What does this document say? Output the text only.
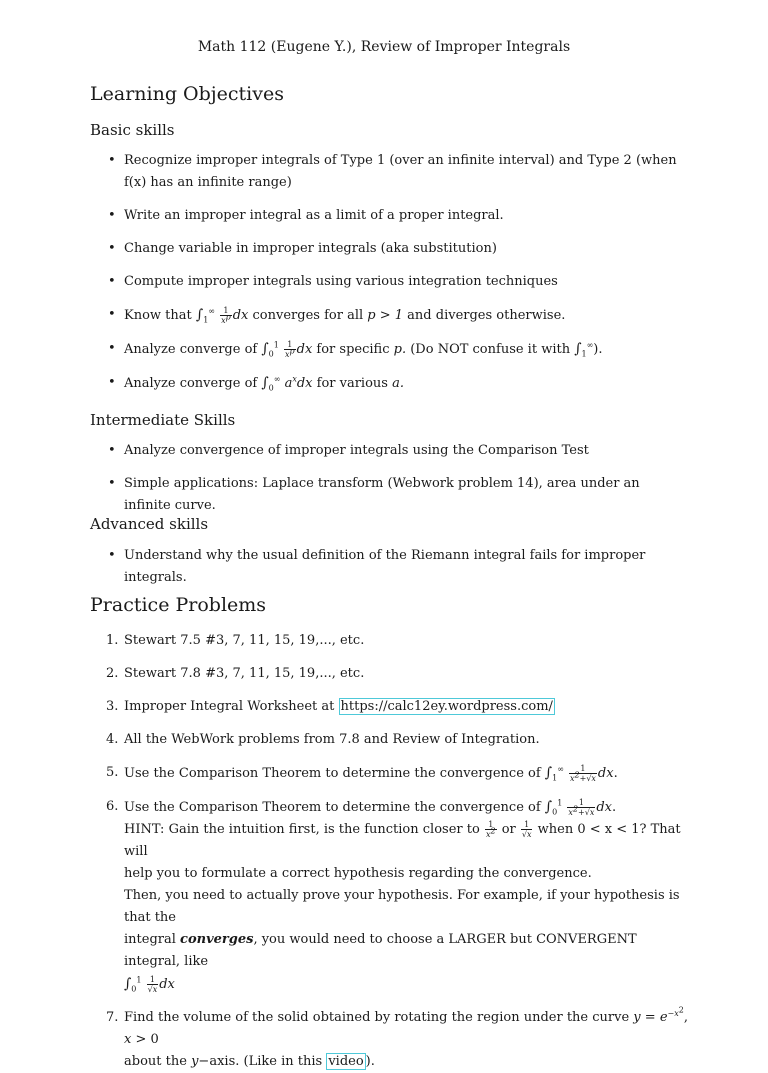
Math 112 (Eugene Y.), Review of Improper Integrals
Learning Objectives
Basic skills
• Recognize improper integrals of Type 1 (over an infinite interval) and Type 2 (when f(x) has an infinite range)
• Write an improper integral as a limit of a proper integral.
• Change variable in improper integrals (aka substitution)
• Compute improper integrals using various integration techniques
• Know that $\int_1^\infty \frac{1}{x^p}$ dx converges for all p > 1 and diverges otherwise.
• Analyze converge of $\int_0^1 \frac{1}{x^p}$ dx for specific p. (Do NOT confuse it with $\int_1^\infty$).
• Analyze converge of $\int_0^\infty$ $a^xdx$ for various a.
Intermediate Skills
• Analyze convergence of improper integrals using the Comparison Test
• Simple applications: Laplace transform (Webwork problem 14), area under an infinite curve.
Advanced skills
• Understand why the usual definition of the Riemann integral fails for improper integrals.
Practice Problems
1. Stewart 7.5 #3, 7, 11, 15, 19,..., etc.
2. Stewart 7.8 #3, 7, 11, 15, 19,..., etc.
3. Improper Integral Worksheet at https://calc12ey.wordpress.com/
4. All the WebWork problems from 7.8 and Review of Integration.
5. Use the Comparison Theorem to determine the convergence of $\int_1^\infty \frac{1}{x^2+√x}$ dx.
6. Use the Comparison Theorem to determine the convergence of $\int_0^1 \frac{1}{x^2+√x}$ dx.
HINT: Gain the intuition first, is the function closer to $\frac{1}{x^2}$ or $\frac{1}{√x}$ when 0 < x < 1? That will
help you to formulate a correct hypothesis regarding the convergence.
Then, you need to actually prove your hypothesis. For example, if your hypothesis is that the
integral converges, you would need to choose a LARGER but CONVERGENT integral, like
$\int_0^1 \frac{1}{√x}$ dx
7. Find the volume of the solid obtained by rotating the region under the curve $y = e^{-x^2}$, x > 0
about the y−axis. (Like in this video ).
